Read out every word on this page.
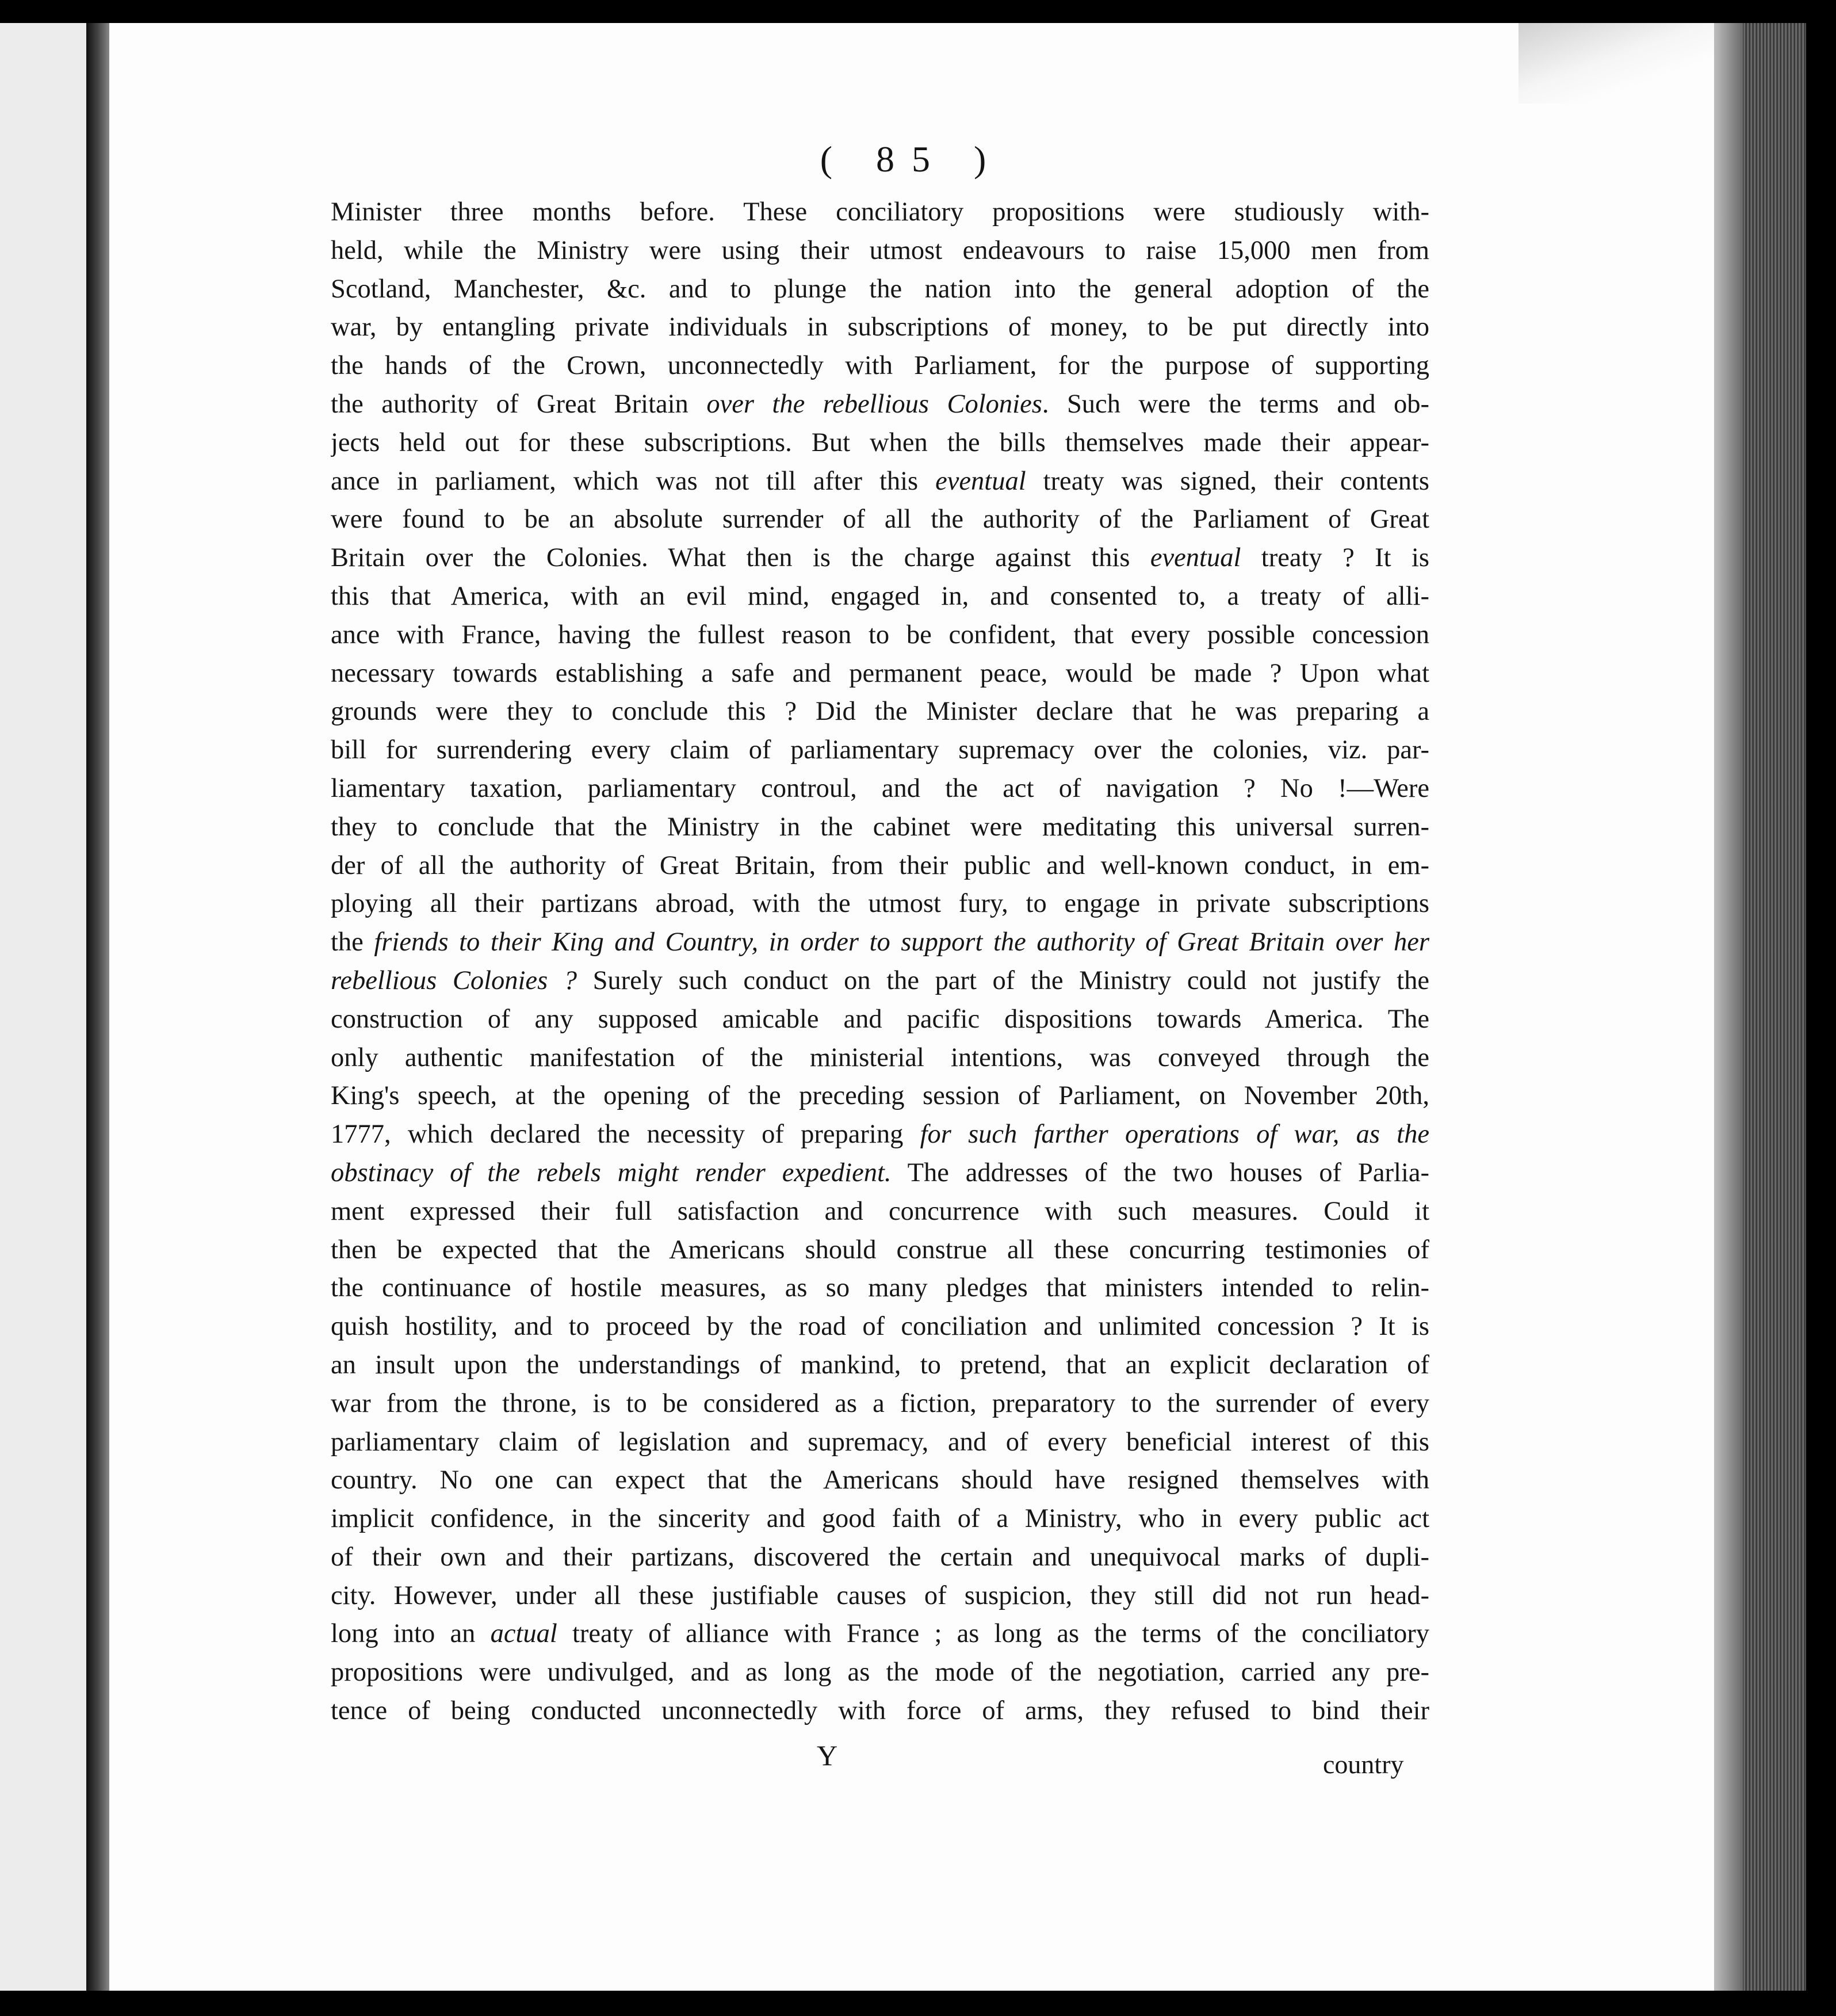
( 85 )
Minister three months before. These conciliatory propositions were studiously with-
held, while the Ministry were using their utmost endeavours to raise 15,000 men from
Scotland, Manchester, &c. and to plunge the nation into the general adoption of the
war, by entangling private individuals in subscriptions of money, to be put directly into
the hands of the Crown, unconnectedly with Parliament, for the purpose of supporting
the authority of Great Britain over the rebellious Colonies. Such were the terms and ob-
jects held out for these subscriptions. But when the bills themselves made their appear-
ance in parliament, which was not till after this eventual treaty was signed, their contents
were found to be an absolute surrender of all the authority of the Parliament of Great
Britain over the Colonies. What then is the charge against this eventual treaty ? It is
this that America, with an evil mind, engaged in, and consented to, a treaty of alli-
ance with France, having the fullest reason to be confident, that every possible concession
necessary towards establishing a safe and permanent peace, would be made ? Upon what
grounds were they to conclude this ? Did the Minister declare that he was preparing a
bill for surrendering every claim of parliamentary supremacy over the colonies, viz. par-
liamentary taxation, parliamentary controul, and the act of navigation ? No !—Were
they to conclude that the Ministry in the cabinet were meditating this universal surren-
der of all the authority of Great Britain, from their public and well-known conduct, in em-
ploying all their partizans abroad, with the utmost fury, to engage in private subscriptions
the friends to their King and Country, in order to support the authority of Great Britain over her
rebellious Colonies ? Surely such conduct on the part of the Ministry could not justify the
construction of any supposed amicable and pacific dispositions towards America. The
only authentic manifestation of the ministerial intentions, was conveyed through the
King's speech, at the opening of the preceding session of Parliament, on November 20th,
1777, which declared the necessity of preparing for such farther operations of war, as the
obstinacy of the rebels might render expedient. The addresses of the two houses of Parlia-
ment expressed their full satisfaction and concurrence with such measures. Could it
then be expected that the Americans should construe all these concurring testimonies of
the continuance of hostile measures, as so many pledges that ministers intended to relin-
quish hostility, and to proceed by the road of conciliation and unlimited concession ? It is
an insult upon the understandings of mankind, to pretend, that an explicit declaration of
war from the throne, is to be considered as a fiction, preparatory to the surrender of every
parliamentary claim of legislation and supremacy, and of every beneficial interest of this
country. No one can expect that the Americans should have resigned themselves with
implicit confidence, in the sincerity and good faith of a Ministry, who in every public act
of their own and their partizans, discovered the certain and unequivocal marks of dupli-
city. However, under all these justifiable causes of suspicion, they still did not run head-
long into an actual treaty of alliance with France ; as long as the terms of the conciliatory
propositions were undivulged, and as long as the mode of the negotiation, carried any pre-
tence of being conducted unconnectedly with force of arms, they refused to bind their
Y	country
